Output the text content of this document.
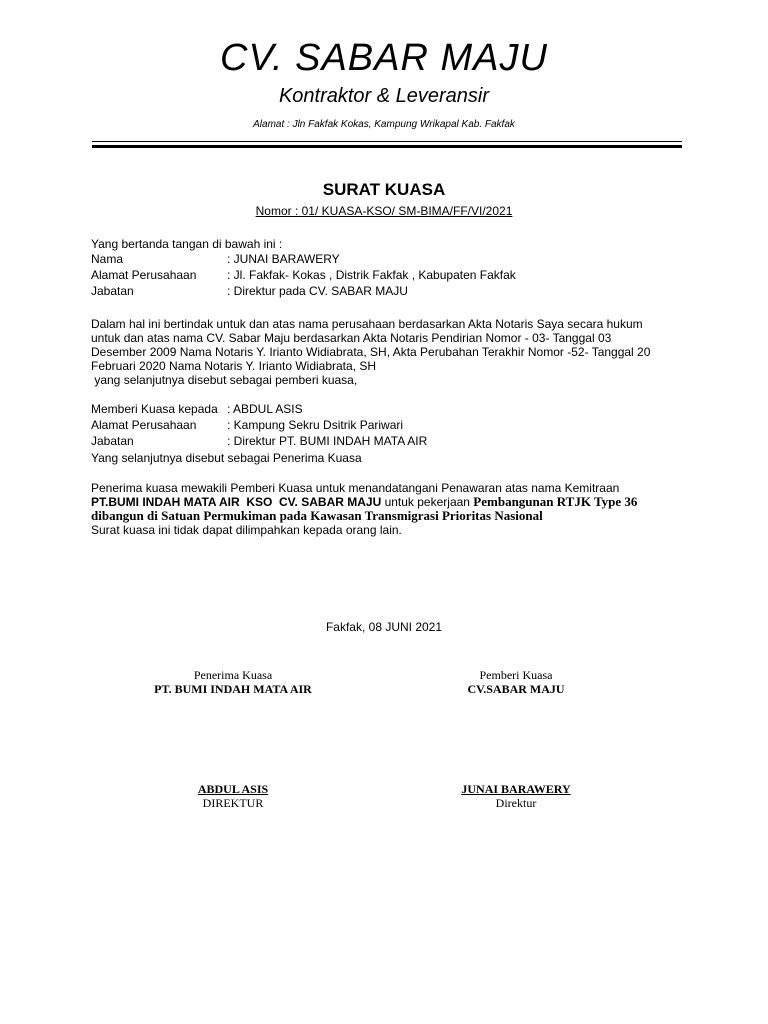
CV. SABAR MAJU
Kontraktor & Leveransir
Alamat : Jln Fakfak Kokas, Kampung Wrikapal Kab. Fakfak
SURAT KUASA
Nomor : 01/ KUASA-KSO/ SM-BIMA/FF/VI/2021
Yang bertanda tangan di bawah ini :
Nama	: JUNAI BARAWERY
Alamat Perusahaan	: Jl. Fakfak- Kokas , Distrik Fakfak , Kabupaten Fakfak
Jabatan	: Direktur pada CV. SABAR MAJU

Dalam hal ini bertindak untuk dan atas nama perusahaan berdasarkan Akta Notaris Saya secara hukum

untuk dan atas nama CV. Sabar Maju berdasarkan Akta Notaris Pendirian Nomor - 03- Tanggal 03

Desember 2009 Nama Notaris Y. Irianto Widiabrata, SH, Akta Perubahan Terakhir Nomor -52- Tanggal 20

Februari 2020 Nama Notaris Y. Irianto Widiabrata, SH

yang selanjutnya disebut sebagai pemberi kuasa,

Memberi Kuasa kepada : ABDUL ASIS
Alamat Perusahaan	: Kampung Sekru Dsitrik Pariwari
Jabatan	: Direktur PT. BUMI INDAH MATA AIR
Yang selanjutnya disebut sebagai Penerima Kuasa

Penerima kuasa mewakili Pemberi Kuasa untuk menandatangani Penawaran atas nama Kemitraan

PT.BUMI INDAH MATA AIR  KSO  CV. SABAR MAJU untuk pekerjaan Pembangunan RTJK Type 36

dibangun di Satuan Permukiman pada Kawasan Transmigrasi Prioritas Nasional

Surat kuasa ini tidak dapat dilimpahkan kepada orang lain.

Fakfak, 08 JUNI 2021
Penerima Kuasa
PT. BUMI INDAH MATA AIR
Pemberi Kuasa
CV.SABAR MAJU
ABDUL ASIS
DIREKTUR
JUNAI BARAWERY
Direktur
